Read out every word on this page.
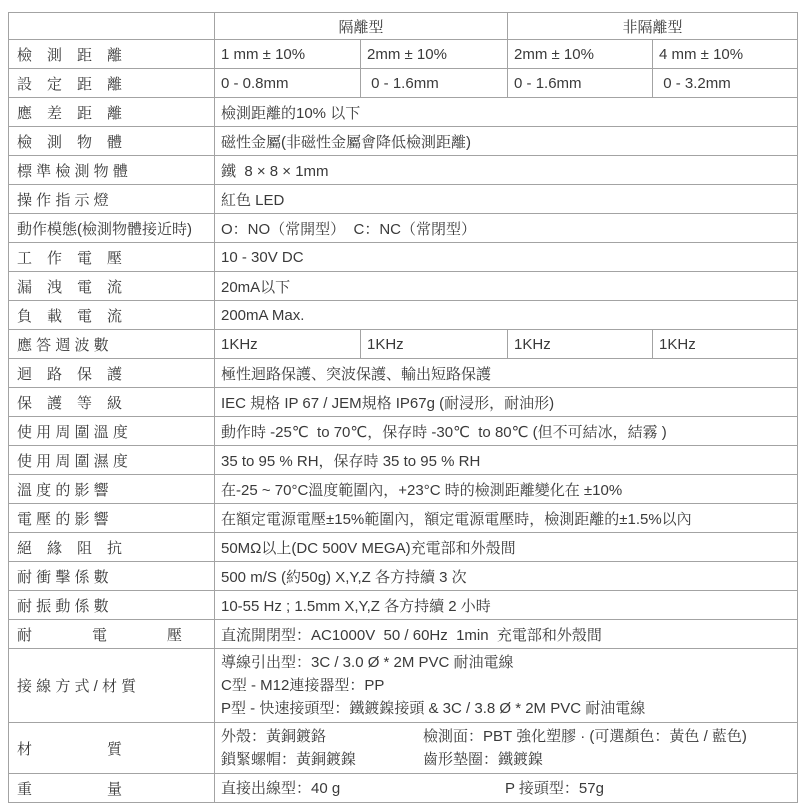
	隔離型		非隔離型	
檢　測　距　離	1 mm ± 10%	2mm ± 10%	2mm ± 10%	4 mm ± 10%
設　定　距　離	0 - 0.8mm	0 - 1.6mm	0 - 1.6mm	0 - 3.2mm
應　差　距　離	檢測距離的10% 以下			
檢　測　物　體	磁性金屬(非磁性金屬會降低檢測距離)			
標 準 檢 測 物 體	鐵  8 × 8 × 1mm			
操 作 指 示 燈	紅色 LED			
動作模態(檢測物體接近時)	O：NO（常開型）  C：NC（常閉型）			
工　作　電　壓	10 - 30V DC			
漏　洩　電　流	20mA以下			
負　載　電　流	200mA Max.			
應 答 週 波 數	1KHz	1KHz	1KHz	1KHz
迴　路　保　護	極性迴路保護、突波保護、輸出短路保護			
保　護　等　級	IEC 規格 IP 67 / JEM規格 IP67g (耐浸形，耐油形)			
使 用 周 圍 溫 度	動作時 -25℃  to 70℃，保存時 -30℃  to 80℃ (但不可結冰，結霧 )			
使 用 周 圍 濕 度	35 to 95 % RH，保存時 35 to 95 % RH			
溫 度 的 影 響	在-25 ~ 70°C溫度範圍內，+23°C 時的檢測距離變化在 ±10%			
電 壓 的 影 響	在額定電源電壓±15%範圍內，額定電源電壓時，檢測距離的±1.5%以內			
絕　緣　阻　抗	50MΩ以上(DC 500V MEGA)充電部和外殼間			
耐 衝 擊 係 數	500 m/S (約50g) X,Y,Z 各方持續 3 次			
耐 振 動 係 數	10-55 Hz ; 1.5mm X,Y,Z 各方持續 2 小時			
耐　　　　電　　　　壓	直流開閉型：AC1000V  50 / 60Hz  1min  充電部和外殼間			
接 線 方 式 / 材 質	導線引出型：3C / 3.0 Ø * 2M PVC 耐油電線
C型 - M12連接器型：PP
P型 - 快速接頭型：鐵鍍鎳接頭 & 3C / 3.8 Ø * 2M PVC 耐油電線			

材　　　　　質	外殼：黃銅鍍鉻 檢測面：PBT 強化塑膠 · (可選顏色：黃色 / 藍色)
鎖緊螺帽：黃銅鍍鎳 齒形墊圈：鐵鍍鎳			

重　　　　　量	直接出線型：40 g P 接頭型：57g			
